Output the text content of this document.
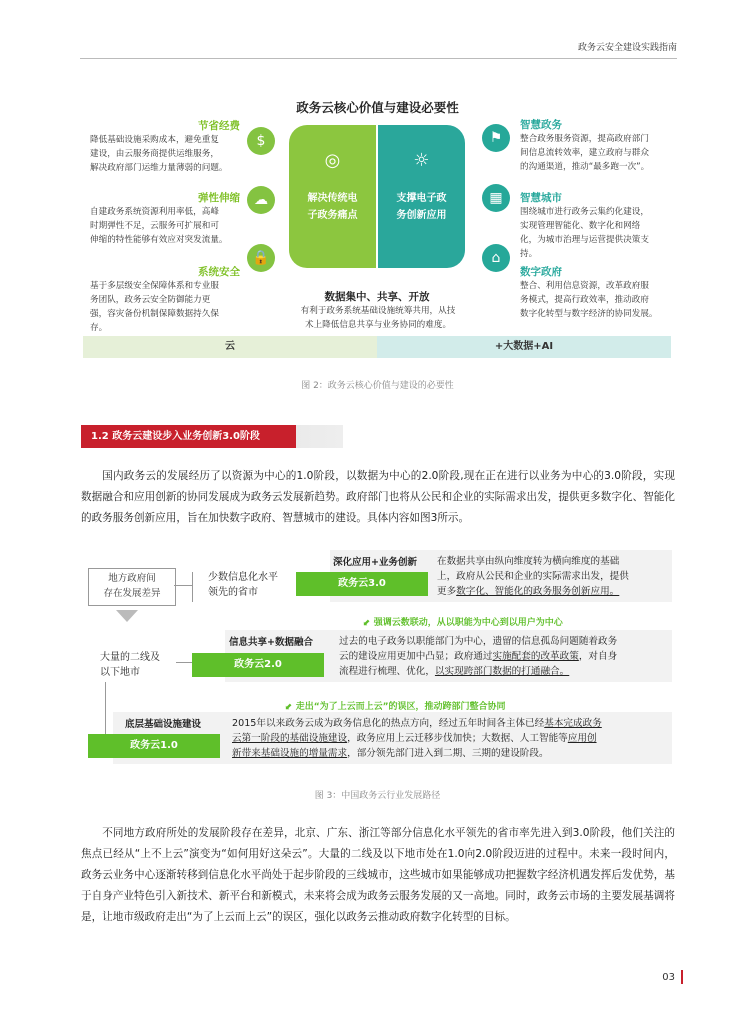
政务云安全建设实践指南
政务云核心价值与建设必要性
节省经费
降低基础设施采购成本，避免重复
建设，由云服务商提供运维服务，
解决政府部门运维力量薄弱的问题。
$
弹性伸缩
自建政务系统资源利用率低，高峰
时期弹性不足，云服务可扩展和可
伸缩的特性能够有效应对突发流量。
☁
系统安全
基于多层级安全保障体系和专业服
务团队，政务云安全防御能力更
强，容灾备份机制保障数据持久保
存。
🔒
◎	☼
解决传统电
子政务痛点
支撑电子政
务创新应用
数据集中、共享、开放
有利于政务系统基础设施统筹共用，从技
术上降低信息共享与业务协同的难度。
⚑
智慧政务
整合政务服务资源，提高政府部门
间信息流转效率，建立政府与群众
的沟通渠道，推动“最多跑一次”。
▦	智慧城市
围绕城市进行政务云集约化建设，
实现管理智能化、数字化和网络
化，为城市治理与运营提供决策支
持。
⌂
数字政府
整合、利用信息资源，改革政府服
务模式，提高行政效率，推动政府
数字化转型与数字经济的协同发展。
云	+大数据+AI
图 2：政务云核心价值与建设的必要性
1.2 政务云建设步入业务创新3.0阶段
国内政务云的发展经历了以资源为中心的1.0阶段，以数据为中心的2.0阶段,现在正在进行以业务为中心的3.0阶段，实现数据融合和应用创新的协同发展成为政务云发展新趋势。政府部门也将从公民和企业的实际需求出发，提供更多数字化、智能化的政务服务创新应用，旨在加快数字政府、智慧城市的建设。具体内容如图3所示。
地方政府间
存在发展差异
少数信息化水平
领先的省市
大量的二线及
以下地市
深化应用+业务创新
政务云3.0
在数据共享由纵向维度转为横向维度的基础
上，政府从公民和企业的实际需求出发，提供
更多数字化、智能化的政务服务创新应用。
⬋ 强调云数联动，从以职能为中心到以用户为中心
信息共享+数据融合
政务云2.0
过去的电子政务以职能部门为中心，遗留的信息孤岛问题随着政务
云的建设应用更加中凸显；政府通过实施配套的改革政策，对自身
流程进行梳理、优化，以实现跨部门数据的打通融合。
⬋ 走出“为了上云而上云”的误区，推动跨部门整合协同
底层基础设施建设
政务云1.0
2015年以来政务云成为政务信息化的热点方向，经过五年时间各主体已经基本完成政务
云第一阶段的基础设施建设，政务应用上云迁移步伐加快；大数据、人工智能等应用创
新带来基础设施的增量需求，部分领先部门进入到二期、三期的建设阶段。
图 3：中国政务云行业发展路径
不同地方政府所处的发展阶段存在差异，北京、广东、浙江等部分信息化水平领先的省市率先进入到3.0阶段，他们关注的焦点已经从“上不上云”演变为“如何用好这朵云”。大量的二线及以下地市处在1.0向2.0阶段迈进的过程中。未来一段时间内，政务云业务中心逐渐转移到信息化水平尚处于起步阶段的三线城市，这些城市如果能够成功把握数字经济机遇发挥后发优势，基于自身产业特色引入新技术、新平台和新模式，未来将会成为政务云服务发展的又一高地。同时，政务云市场的主要发展基调将是，让地市级政府走出“为了上云而上云”的误区，强化以政务云推动政府数字化转型的目标。
03
